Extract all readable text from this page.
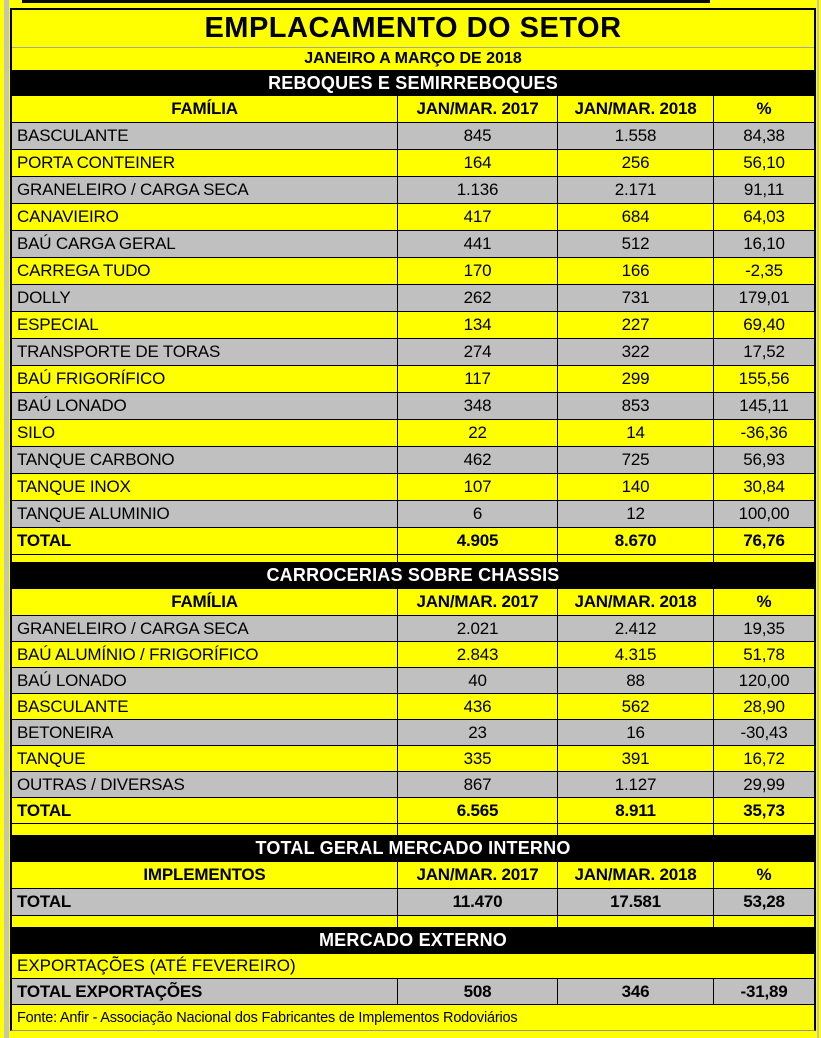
EMPLACAMENTO DO SETOR
JANEIRO A MARÇO DE 2018
REBOQUES E SEMIRREBOQUES
FAMÍLIA	JAN/MAR. 2017	JAN/MAR. 2018	%
BASCULANTE	845	1.558	84,38
PORTA CONTEINER	164	256	56,10
GRANELEIRO / CARGA SECA	1.136	2.171	91,11
CANAVIEIRO	417	684	64,03
BAÚ CARGA GERAL	441	512	16,10
CARREGA TUDO	170	166	-2,35
DOLLY	262	731	179,01
ESPECIAL	134	227	69,40
TRANSPORTE DE TORAS	274	322	17,52
BAÚ FRIGORÍFICO	117	299	155,56
BAÚ LONADO	348	853	145,11
SILO	22	14	-36,36
TANQUE CARBONO	462	725	56,93
TANQUE INOX	107	140	30,84
TANQUE ALUMINIO	6	12	100,00
TOTAL	4.905	8.670	76,76
CARROCERIAS SOBRE CHASSIS
FAMÍLIA	JAN/MAR. 2017	JAN/MAR. 2018	%
GRANELEIRO / CARGA SECA	2.021	2.412	19,35
BAÚ ALUMÍNIO / FRIGORÍFICO	2.843	4.315	51,78
BAÚ LONADO	40	88	120,00
BASCULANTE	436	562	28,90
BETONEIRA	23	16	-30,43
TANQUE	335	391	16,72
OUTRAS / DIVERSAS	867	1.127	29,99
TOTAL	6.565	8.911	35,73
TOTAL GERAL MERCADO INTERNO
IMPLEMENTOS	JAN/MAR. 2017	JAN/MAR. 2018	%
TOTAL	11.470	17.581	53,28
MERCADO EXTERNO
EXPORTAÇÕES (ATÉ FEVEREIRO)
TOTAL EXPORTAÇÕES	508	346	-31,89
Fonte: Anfir - Associação Nacional dos Fabricantes de Implementos Rodoviários
